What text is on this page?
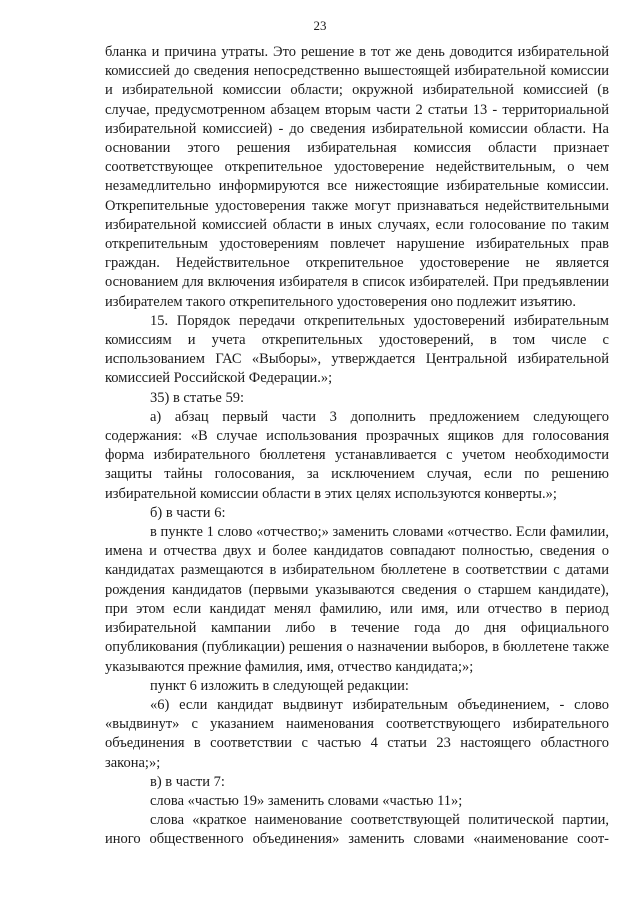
23

бланка и причина утраты. Это решение в тот же день доводится избирательной комиссией до сведения непосредственно вышестоящей избирательной комиссии и избирательной комиссии области; окружной избирательной комиссией (в случае, предусмотренном абзацем вторым части 2 статьи 13 - территориальной избирательной комиссией) - до сведения избирательной комиссии области. На основании этого решения избирательная комиссия области признает соответствующее открепительное удостоверение недействительным, о чем незамедлительно информируются все нижестоящие избирательные комиссии. Открепительные удостоверения также могут признаваться недействительными избирательной комиссией области в иных случаях, если голосование по таким открепительным удостоверениям повлечет нарушение избирательных прав граждан. Недействительное открепительное удостоверение не является основанием для включения избирателя в список избирателей. При предъявлении избирателем такого открепительного удостоверения оно подлежит изъятию.

15. Порядок передачи открепительных удостоверений избирательным комиссиям и учета открепительных удостоверений, в том числе с использованием ГАС «Выборы», утверждается Центральной избирательной комиссией Российской Федерации.»;

35) в статье 59:

а) абзац первый части 3 дополнить предложением следующего содержания: «В случае использования прозрачных ящиков для голосования форма избирательного бюллетеня устанавливается с учетом необходимости защиты тайны голосования, за исключением случая, если по решению избирательной комиссии области в этих целях используются конверты.»;

б) в части 6:

в пункте 1 слово «отчество;» заменить словами «отчество. Если фамилии, имена и отчества двух и более кандидатов совпадают полностью, сведения о кандидатах размещаются в избирательном бюллетене в соответствии с датами рождения кандидатов (первыми указываются сведения о старшем кандидате), при этом если кандидат менял фамилию, или имя, или отчество в период избирательной кампании либо в течение года до дня официального опубликования (публикации) решения о назначении выборов, в бюллетене также указываются прежние фамилия, имя, отчество кандидата;»;

пункт 6 изложить в следующей редакции:

«6) если кандидат выдвинут избирательным объединением, - слово «выдвинут» с указанием наименования соответствующего избирательного объединения в соответствии с частью 4 статьи 23 настоящего областного закона;»;

в) в части 7:

слова «частью 19» заменить словами «частью 11»;

слова «краткое наименование соответствующей политической партии, иного общественного объединения» заменить словами «наименование соот-
